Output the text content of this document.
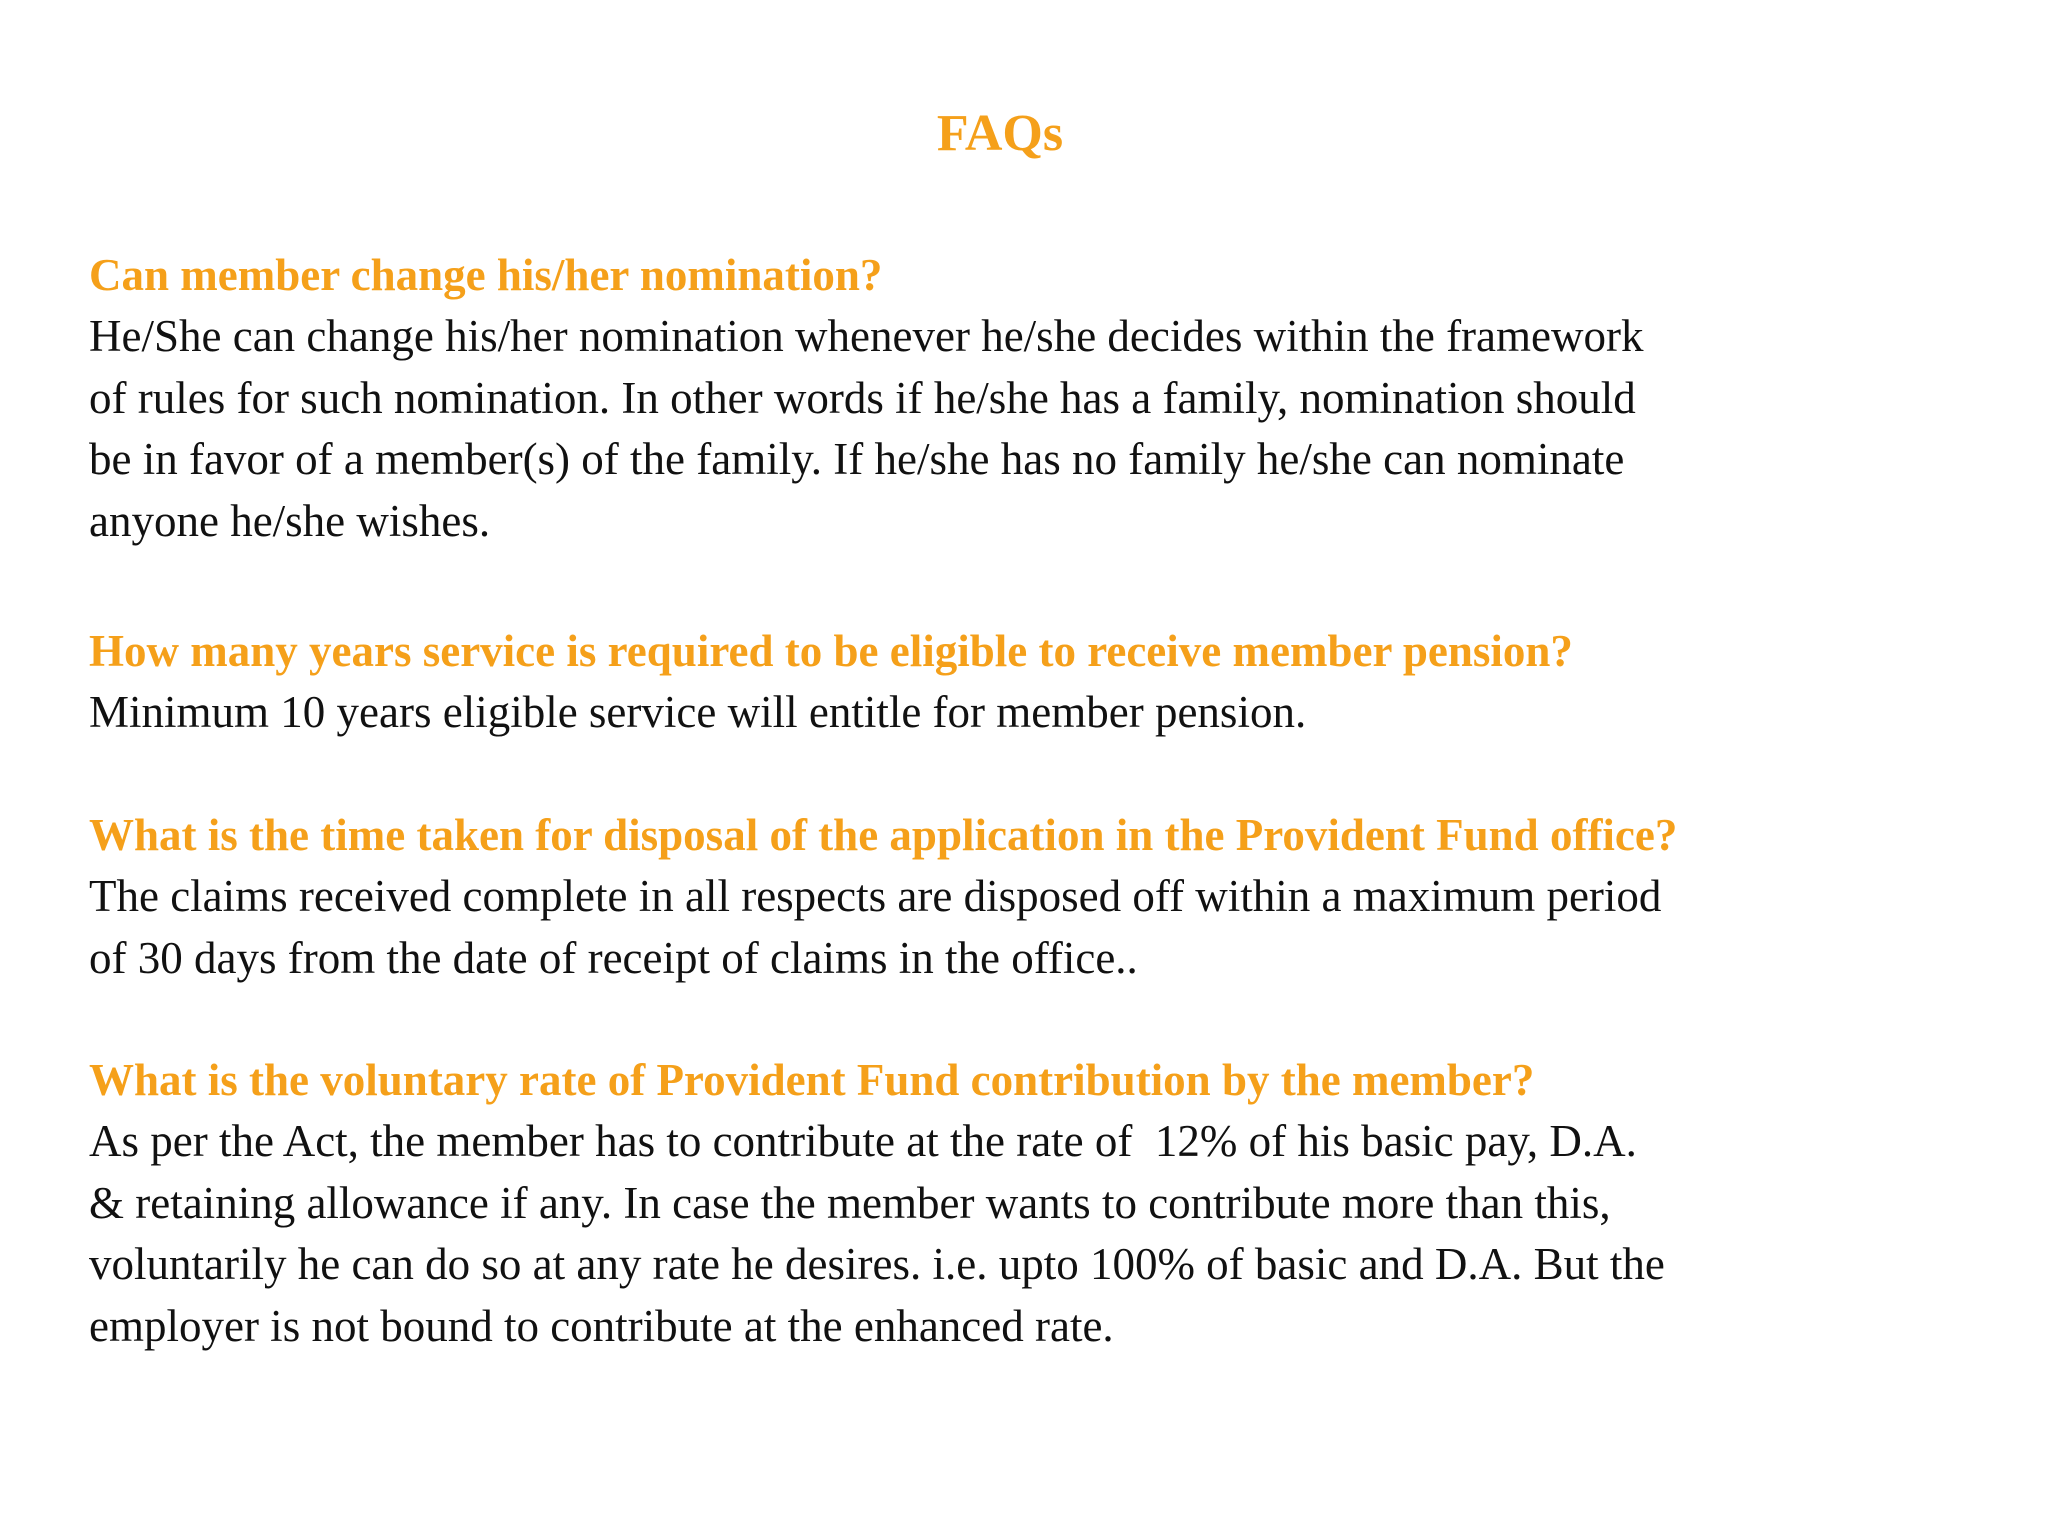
FAQs

Can member change his/her nomination?

He/She can change his/her nomination whenever he/she decides within the framework
of rules for such nomination. In other words if he/she has a family, nomination should
be in favor of a member(s) of the family. If he/she has no family he/she can nominate
anyone he/she wishes.

How many years service is required to be eligible to receive member pension?

Minimum 10 years eligible service will entitle for member pension.

What is the time taken for disposal of the application in the Provident Fund office?

The claims received complete in all respects are disposed off within a maximum period
of 30 days from the date of receipt of claims in the office..

What is the voluntary rate of Provident Fund contribution by the member?

As per the Act, the member has to contribute at the rate of  12% of his basic pay, D.A.
& retaining allowance if any. In case the member wants to contribute more than this,
voluntarily he can do so at any rate he desires. i.e. upto 100% of basic and D.A. But the
employer is not bound to contribute at the enhanced rate.
